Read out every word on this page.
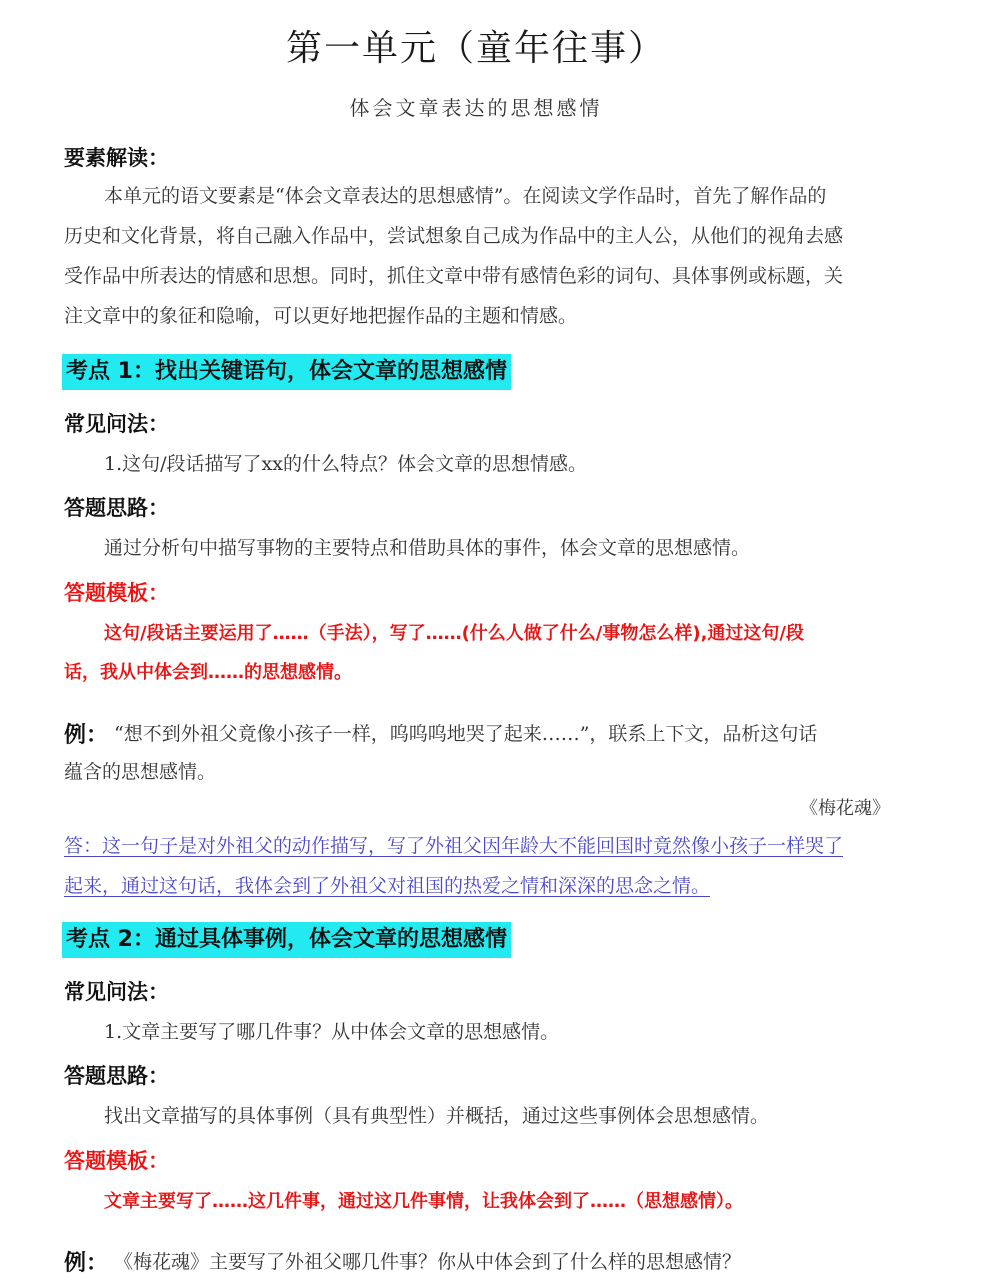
第一单元（童年往事）
体会文章表达的思想感情
要素解读：
本单元的语文要素是“体会文章表达的思想感情”。在阅读文学作品时，首先了解作品的
历史和文化背景，将自己融入作品中，尝试想象自己成为作品中的主人公，从他们的视角去感
受作品中所表达的情感和思想。同时，抓住文章中带有感情色彩的词句、具体事例或标题，关
注文章中的象征和隐喻，可以更好地把握作品的主题和情感。
考点 1：找出关键语句，体会文章的思想感情
常见问法：
1.这句/段话描写了xx的什么特点？体会文章的思想情感。
答题思路：
通过分析句中描写事物的主要特点和借助具体的事件，体会文章的思想感情。
答题模板：
这句/段话主要运用了……（手法），写了……(什么人做了什么/事物怎么样),通过这句/段
话，我从中体会到……的思想感情。
例： “想不到外祖父竟像小孩子一样，呜呜呜地哭了起来……”，联系上下文，品析这句话
蕴含的思想感情。
《梅花魂》
答：这一句子是对外祖父的动作描写，写了外祖父因年龄大不能回国时竟然像小孩子一样哭了
起来，通过这句话，我体会到了外祖父对祖国的热爱之情和深深的思念之情。
考点 2：通过具体事例，体会文章的思想感情
常见问法：
1.文章主要写了哪几件事？从中体会文章的思想感情。
答题思路：
找出文章描写的具体事例（具有典型性）并概括，通过这些事例体会思想感情。
答题模板：
文章主要写了……这几件事，通过这几件事情，让我体会到了……（思想感情）。
例： 《梅花魂》主要写了外祖父哪几件事？你从中体会到了什么样的思想感情？
